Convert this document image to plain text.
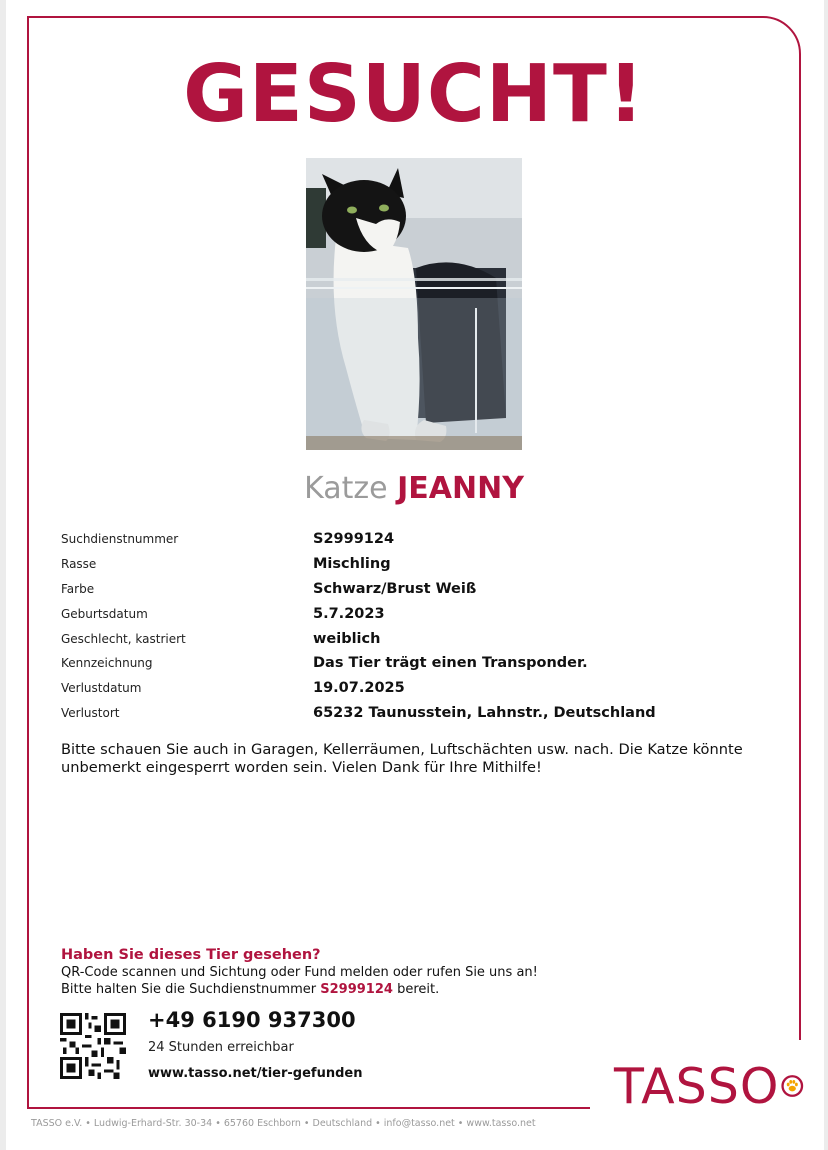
GESUCHT!
Katze JEANNY
Suchdienstnummer	S2999124
Rasse	Mischling
Farbe	Schwarz/Brust Weiß
Geburtsdatum	5.7.2023
Geschlecht, kastriert	weiblich
Kennzeichnung	Das Tier trägt einen Transponder.
Verlustdatum	19.07.2025
Verlustort	65232 Taunusstein, Lahnstr., Deutschland
Bitte schauen Sie auch in Garagen, Kellerräumen, Luftschächten usw. nach. Die Katze könnte unbemerkt eingesperrt worden sein. Vielen Dank für Ihre Mithilfe!
Haben Sie dieses Tier gesehen?
QR-Code scannen und Sichtung oder Fund melden oder rufen Sie uns an!
Bitte halten Sie die Suchdienstnummer S2999124 bereit.
+49 6190 937300
24 Stunden erreichbar
www.tasso.net/tier-gefunden	TASSO
TASSO e.V. • Ludwig-Erhard-Str. 30-34 • 65760 Eschborn • Deutschland • info@tasso.net • www.tasso.net
